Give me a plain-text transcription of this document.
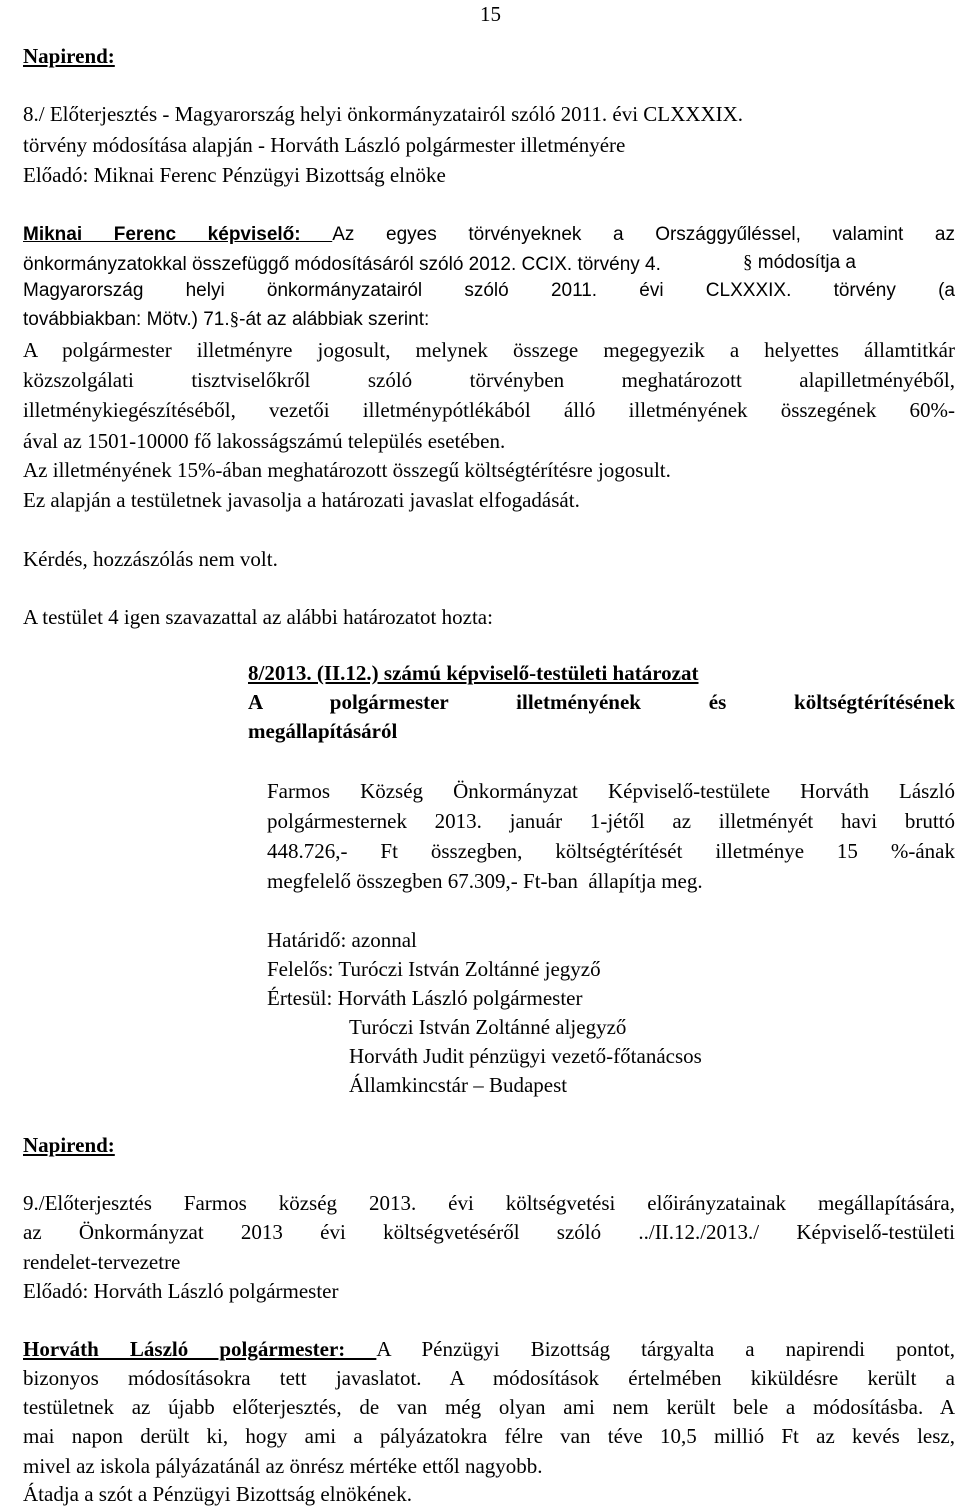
15
Napirend:
8./ Előterjesztés - Magyarország helyi önkormányzatairól szóló 2011. évi CLXXXIX.
törvény módosítása alapján - Horváth László polgármester illetményére
Előadó: Miknai Ferenc Pénzügyi Bizottság elnöke
Miknai Ferenc képviselő: Az egyes törvényeknek a Országgyűléssel, valamint az
önkormányzatokkal összefüggő módosításáról szóló 2012. CCIX. törvény 4.	§ módosítja a
Magyarország helyi önkormányzatairól szóló 2011. évi CLXXXIX. törvény (a
továbbiakban: Mötv.) 71.§-át az alábbiak szerint:
A polgármester illetményre jogosult, melynek összege megegyezik a helyettes államtitkár
közszolgálati tisztviselőkről szóló törvényben meghatározott alapilletményéből,
illetménykiegészítéséből, vezetői illetménypótlékából álló illetményének összegének 60%-
ával az 1501-10000 fő lakosságszámú település esetében.
Az illetményének 15%-ában meghatározott összegű költségtérítésre jogosult.
Ez alapján a testületnek javasolja a határozati javaslat elfogadását.
Kérdés, hozzászólás nem volt.
A testület 4 igen szavazattal az alábbi határozatot hozta:
8/2013. (II.12.) számú képviselő-testületi határozat
A polgármester illetményének és költségtérítésének
megállapításáról
Farmos Község Önkormányzat Képviselő-testülete Horváth László
polgármesternek 2013. január 1-jétől az illetményét havi bruttó
448.726,- Ft összegben, költségtérítését illetménye 15 %-ának
megfelelő összegben 67.309,- Ft-ban  állapítja meg.
Határidő: azonnal
Felelős: Turóczi István Zoltánné jegyző
Értesül: Horváth László polgármester
Turóczi István Zoltánné aljegyző
Horváth Judit pénzügyi vezető-főtanácsos
Államkincstár – Budapest
Napirend:
9./Előterjesztés Farmos község 2013. évi költségvetési előirányzatainak megállapítására,
az Önkormányzat 2013 évi költségvetéséről szóló ../II.12./2013./ Képviselő-testületi
rendelet-tervezetre
Előadó: Horváth László polgármester
Horváth László polgármester: A Pénzügyi Bizottság tárgyalta a napirendi pontot,
bizonyos módosításokra tett javaslatot. A módosítások értelmében kiküldésre került a
testületnek az újabb előterjesztés, de van még olyan ami nem került bele a módosításba. A
mai napon derült ki, hogy ami a pályázatokra félre van téve 10,5 millió Ft az kevés lesz,
mivel az iskola pályázatánál az önrész mértéke ettől nagyobb.
Átadja a szót a Pénzügyi Bizottság elnökének.
